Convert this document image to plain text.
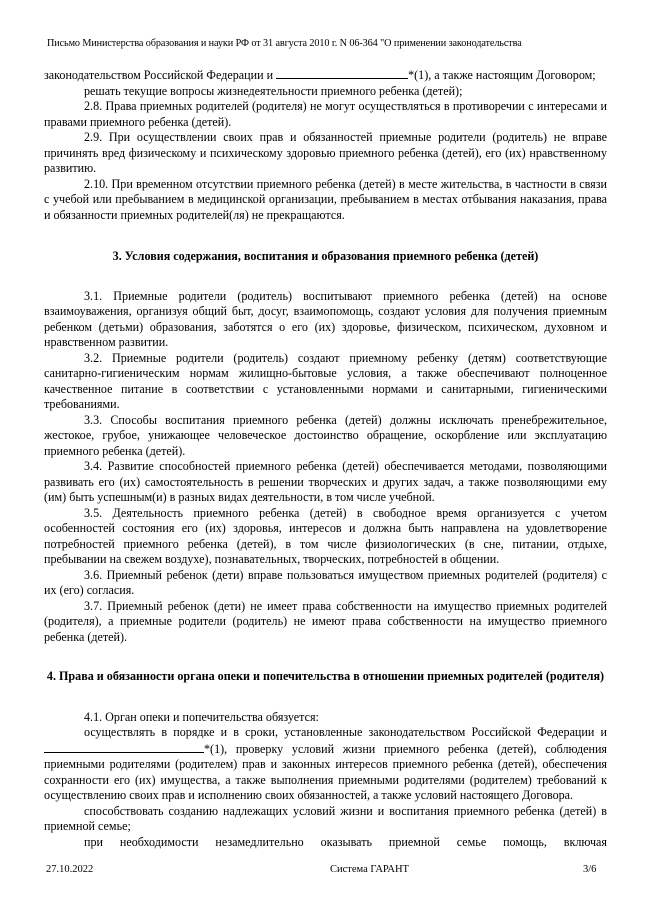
Письмо Министерства образования и науки РФ от 31 августа 2010 г. N 06-364 "О применении законодательства

законодательством Российской Федерации и	*(1), а также настоящим Договором;

решать текущие вопросы жизнедеятельности приемного ребенка (детей);

2.8. Права приемных родителей (родителя) не могут осуществляться в противоречии с интересами и правами приемного ребенка (детей).

2.9. При осуществлении своих прав и обязанностей приемные родители (родитель) не вправе причинять вред физическому и психическому здоровью приемного ребенка (детей), его (их) нравственному развитию.

2.10. При временном отсутствии приемного ребенка (детей) в месте жительства, в частности в связи с учебой или пребыванием в медицинской организации, пребыванием в местах отбывания наказания, права и обязанности приемных родителей(ля) не прекращаются.

3. Условия содержания, воспитания и образования приемного ребенка (детей)

3.1. Приемные родители (родитель) воспитывают приемного ребенка (детей) на основе взаимоуважения, организуя общий быт, досуг, взаимопомощь, создают условия для получения приемным ребенком (детьми) образования, заботятся о его (их) здоровье, физическом, психическом, духовном и нравственном развитии.

3.2. Приемные родители (родитель) создают приемному ребенку (детям) соответствующие санитарно-гигиеническим нормам жилищно-бытовые условия, а также обеспечивают полноценное качественное питание в соответствии с установленными нормами и санитарными, гигиеническими требованиями.

3.3. Способы воспитания приемного ребенка (детей) должны исключать пренебрежительное, жестокое, грубое, унижающее человеческое достоинство обращение, оскорбление или эксплуатацию приемного ребенка (детей).

3.4. Развитие способностей приемного ребенка (детей) обеспечивается методами, позволяющими развивать его (их) самостоятельность в решении творческих и других задач, а также позволяющими ему (им) быть успешным(и) в разных видах деятельности, в том числе учебной.

3.5. Деятельность приемного ребенка (детей) в свободное время организуется с учетом особенностей состояния его (их) здоровья, интересов и должна быть направлена на удовлетворение потребностей приемного ребенка (детей), в том числе физиологических (в сне, питании, отдыхе, пребывании на свежем воздухе), познавательных, творческих, потребностей в общении.

3.6. Приемный ребенок (дети) вправе пользоваться имуществом приемных родителей (родителя) с их (его) согласия.

3.7. Приемный ребенок (дети) не имеет права собственности на имущество приемных родителей (родителя), а приемные родители (родитель) не имеют права собственности на имущество приемного ребенка (детей).

4. Права и обязанности органа опеки и попечительства в отношении приемных родителей (родителя)

4.1. Орган опеки и попечительства обязуется:

осуществлять в порядке и в сроки, установленные законодательством Российской Федерации и *(1), проверку условий жизни приемного ребенка (детей), соблюдения приемными родителями (родителем) прав и законных интересов приемного ребенка (детей), обеспечения сохранности его (их) имущества, а также выполнения приемными родителями (родителем) требований к осуществлению своих прав и исполнению своих обязанностей, а также условий настоящего Договора.

способствовать созданию надлежащих условий жизни и воспитания приемного ребенка (детей) в приемной семье;

при необходимости незамедлительно оказывать приемной семье помощь, включая

27.10.2022	Система ГАРАНТ	3/6
